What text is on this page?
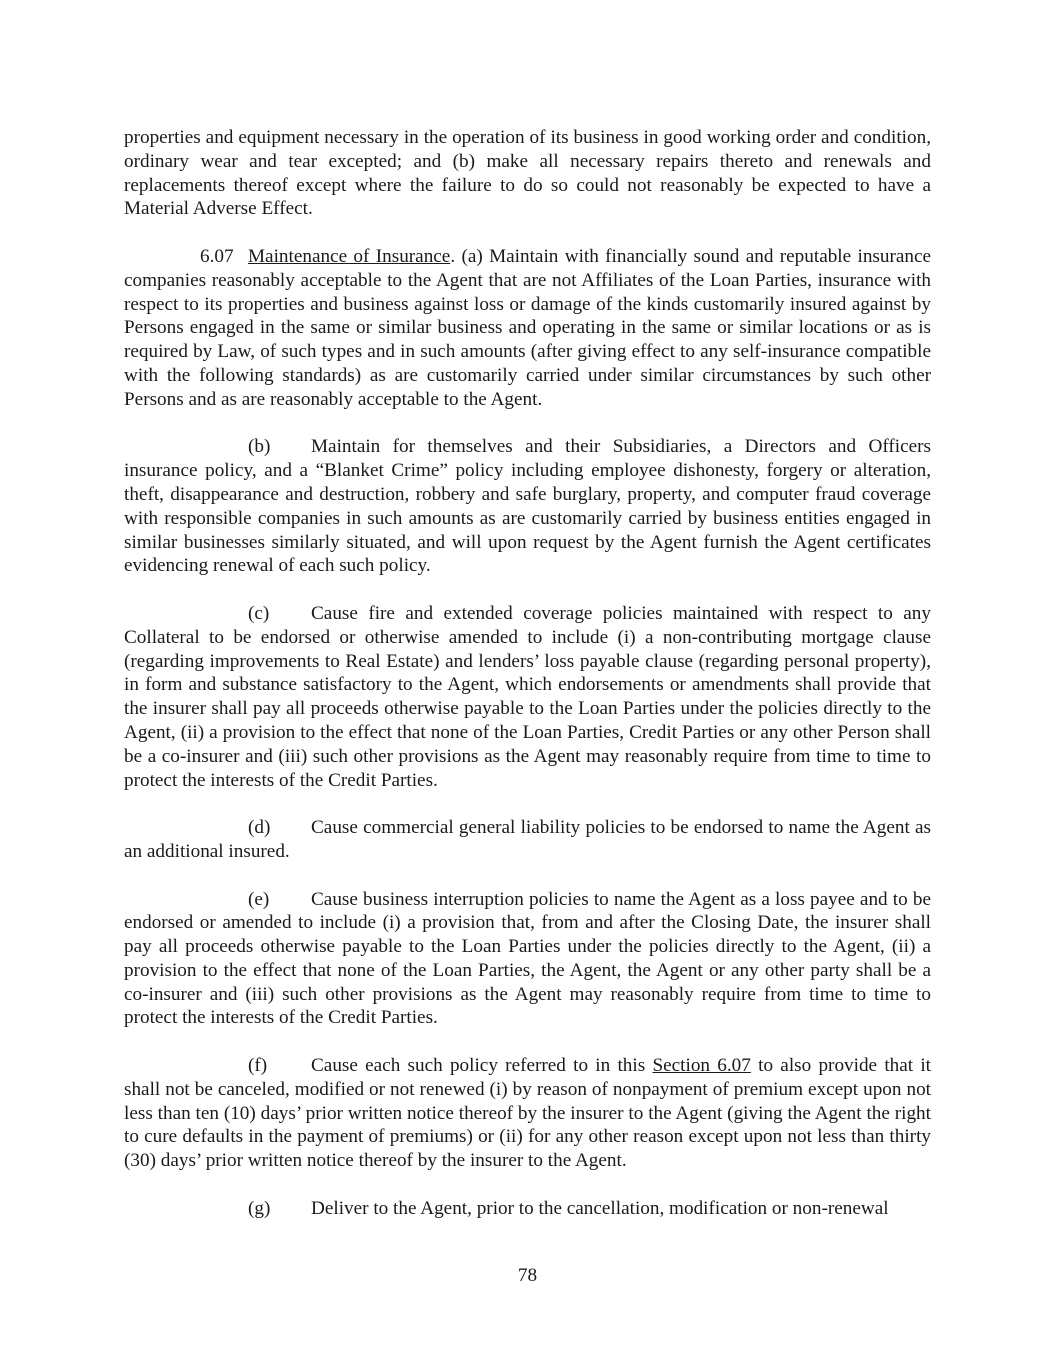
properties and equipment necessary in the operation of its business in good working order and condition, ordinary wear and tear excepted; and (b) make all necessary repairs thereto and renewals and replacements thereof except where the failure to do so could not reasonably be expected to have a Material Adverse Effect.

6.07 Maintenance of Insurance. (a) Maintain with financially sound and reputable insurance companies reasonably acceptable to the Agent that are not Affiliates of the Loan Parties, insurance with respect to its properties and business against loss or damage of the kinds customarily insured against by Persons engaged in the same or similar business and operating in the same or similar locations or as is required by Law, of such types and in such amounts (after giving effect to any self-insurance compatible with the following standards) as are customarily carried under similar circumstances by such other Persons and as are reasonably acceptable to the Agent.

(b) Maintain for themselves and their Subsidiaries, a Directors and Officers insurance policy, and a “Blanket Crime” policy including employee dishonesty, forgery or alteration, theft, disappearance and destruction, robbery and safe burglary, property, and computer fraud coverage with responsible companies in such amounts as are customarily carried by business entities engaged in similar businesses similarly situated, and will upon request by the Agent furnish the Agent certificates evidencing renewal of each such policy.

(c) Cause fire and extended coverage policies maintained with respect to any Collateral to be endorsed or otherwise amended to include (i) a non-contributing mortgage clause (regarding improvements to Real Estate) and lenders’ loss payable clause (regarding personal property), in form and substance satisfactory to the Agent, which endorsements or amendments shall provide that the insurer shall pay all proceeds otherwise payable to the Loan Parties under the policies directly to the Agent, (ii) a provision to the effect that none of the Loan Parties, Credit Parties or any other Person shall be a co-insurer and (iii) such other provisions as the Agent may reasonably require from time to time to protect the interests of the Credit Parties.

(d) Cause commercial general liability policies to be endorsed to name the Agent as an additional insured.

(e) Cause business interruption policies to name the Agent as a loss payee and to be endorsed or amended to include (i) a provision that, from and after the Closing Date, the insurer shall pay all proceeds otherwise payable to the Loan Parties under the policies directly to the Agent, (ii) a provision to the effect that none of the Loan Parties, the Agent, the Agent or any other party shall be a co-insurer and (iii) such other provisions as the Agent may reasonably require from time to time to protect the interests of the Credit Parties.

(f) Cause each such policy referred to in this Section 6.07 to also provide that it shall not be canceled, modified or not renewed (i) by reason of nonpayment of premium except upon not less than ten (10) days’ prior written notice thereof by the insurer to the Agent (giving the Agent the right to cure defaults in the payment of premiums) or (ii) for any other reason except upon not less than thirty (30) days’ prior written notice thereof by the insurer to the Agent.

(g) Deliver to the Agent, prior to the cancellation, modification or non-renewal

78
